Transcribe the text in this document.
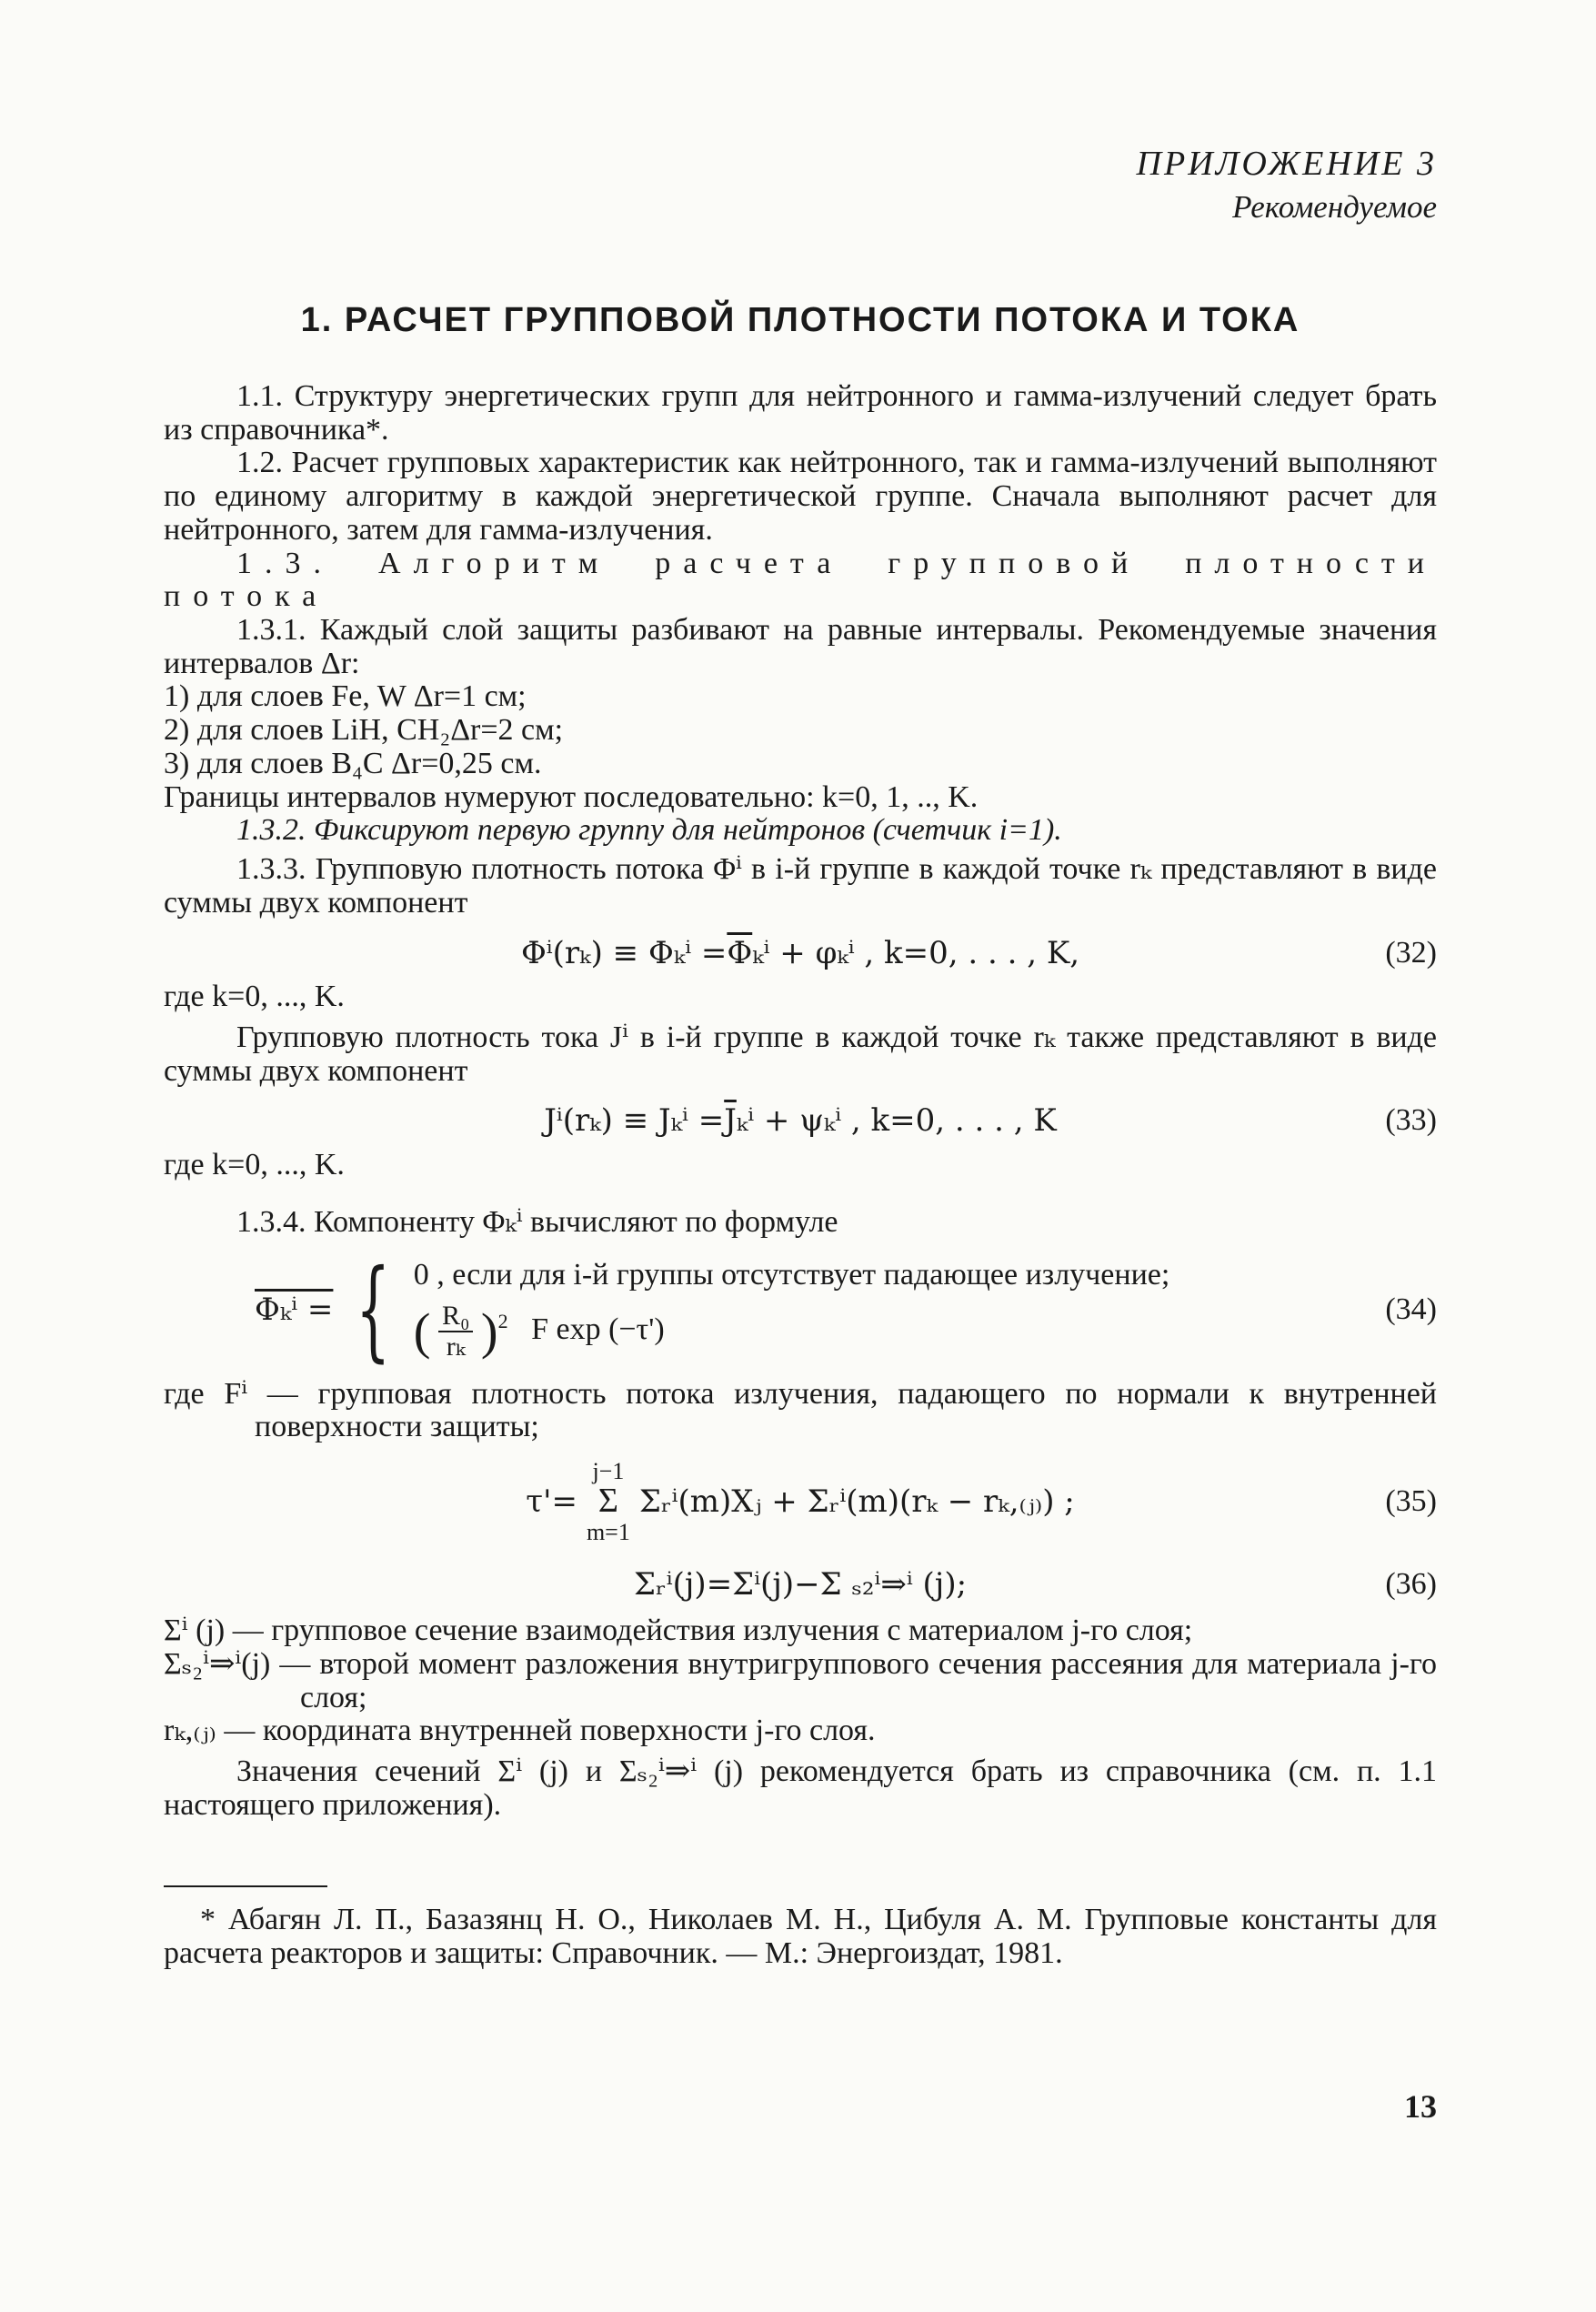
ПРИЛОЖЕНИЕ 3
Рекомендуемое
1. РАСЧЕТ ГРУППОВОЙ ПЛОТНОСТИ ПОТОКА И ТОКА

1.1. Структуру энергетических групп для нейтронного и гамма-излучений следует брать из справочника*.

1.2. Расчет групповых характеристик как нейтронного, так и гамма-излучений выполняют по единому алгоритму в каждой энергетической группе. Сначала выполняют расчет для нейтронного, затем для гамма-излучения.

1.3. Алгоритм расчета групповой плотности потока

1.3.1. Каждый слой защиты разбивают на равные интервалы. Рекомендуемые значения интервалов Δr:

1) для слоев Fe, W Δr=1 см;

2) для слоев LiH, CH₂Δr=2 см;

3) для слоев B₄C Δr=0,25 см.

Границы интервалов нумеруют последовательно: k=0, 1, .., K.

1.3.2. Фиксируют первую группу для нейтронов (счетчик i=1).

1.3.3. Групповую плотность потока Φⁱ в i-й группе в каждой точке rₖ представляют в виде суммы двух компонент

$\Phi^i(r_k) \equiv \Phi_k^i = \overline{\Phi}$ ₖⁱ + φₖⁱ , k=0, . . . , K,	(32)

где k=0, ..., K.

Групповую плотность тока Jⁱ в i-й группе в каждой точке rₖ также представляют в виде суммы двух компонент

$J^i(r_k) \equiv J_k^i = \overline{J}$ ₖⁱ + ψₖⁱ , k=0, . . . , K	(33)

где k=0, ..., K.

1.3.4. Компоненту Φₖⁱ вычисляют по формуле

Φₖⁱ = { 0 , если для i-й группы отсутствует падающее излучение;
( $\frac{\text{R₀}}{\text{rₖ}} )^2$ F exp (−τ')
(34)

где Fⁱ — групповая плотность потока излучения, падающего по нормали к внутренней поверхности защиты;

τ'=
j−1
Σ
m=1
Σᵣⁱ(m)Xⱼ + Σᵣⁱ(m)(rₖ − rₖ,₍ⱼ₎) ;	(35)
Σᵣⁱ(j)=Σⁱ(j)−Σ ₛ₂ⁱ⇒ⁱ (j);	(36)

Σⁱ (j) — групповое сечение взаимодействия излучения с материалом j-го слоя;

Σₛ₂ⁱ⇒ⁱ(j) — второй момент разложения внутригруппового сечения рассеяния для материала j-го слоя;

rₖ,₍ⱼ₎ — координата внутренней поверхности j-го слоя.

Значения сечений Σⁱ (j) и Σₛ₂ⁱ⇒ⁱ (j) рекомендуется брать из справочника (см. п. 1.1 настоящего приложения).

* Абагян Л. П., Базазянц Н. О., Николаев М. Н., Цибуля А. М. Групповые константы для расчета реакторов и защиты: Справочник. — М.: Энергоиздат, 1981.

13
